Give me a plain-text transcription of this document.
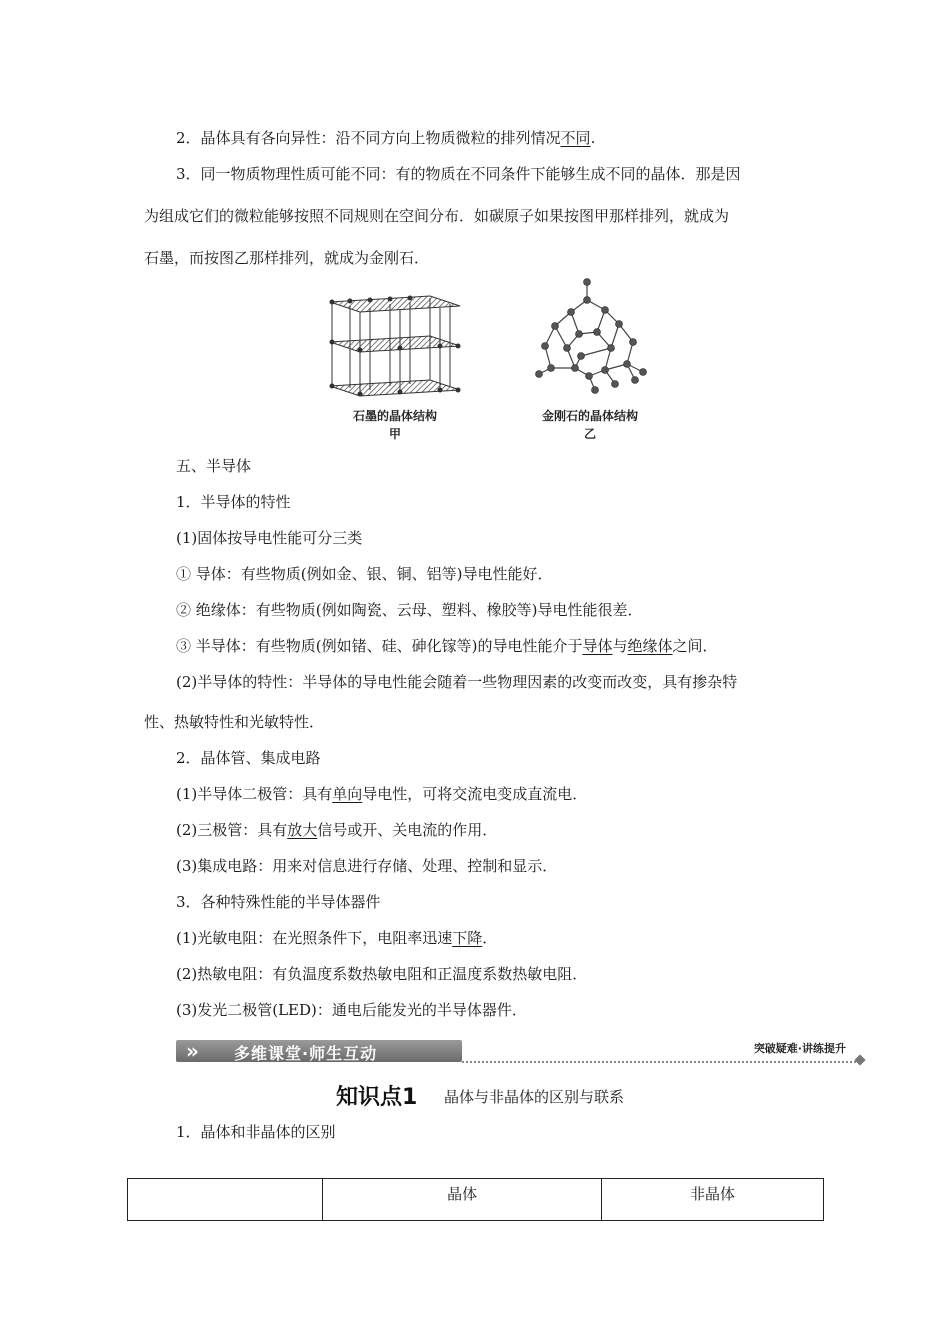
2．晶体具有各向异性：沿不同方向上物质微粒的排列情况不同.
3．同一物质物理性质可能不同：有的物质在不同条件下能够生成不同的晶体．那是因
为组成它们的微粒能够按照不同规则在空间分布．如碳原子如果按图甲那样排列，就成为
石墨，而按图乙那样排列，就成为金刚石．
石墨的晶体结构
甲
金刚石的晶体结构
乙
五、半导体
1．半导体的特性
(1)固体按导电性能可分三类
① 导体：有些物质(例如金、银、铜、铝等)导电性能好．
② 绝缘体：有些物质(例如陶瓷、云母、塑料、橡胶等)导电性能很差．
③ 半导体：有些物质(例如锗、硅、砷化镓等)的导电性能介于导体与绝缘体之间．
(2)半导体的特性：半导体的导电性能会随着一些物理因素的改变而改变，具有掺杂特
性、热敏特性和光敏特性．
2．晶体管、集成电路
(1)半导体二极管：具有单向导电性，可将交流电变成直流电．
(2)三极管：具有放大信号或开、关电流的作用．
(3)集成电路：用来对信息进行存储、处理、控制和显示．
3．各种特殊性能的半导体器件
(1)光敏电阻：在光照条件下，电阻率迅速下降．
(2)热敏电阻：有负温度系数热敏电阻和正温度系数热敏电阻．
(3)发光二极管(LED)：通电后能发光的半导体器件．
» 多维课堂·师生互动	突破疑难·讲练提升
知识点1 晶体与非晶体的区别与联系
1．晶体和非晶体的区别
	晶体	非晶体
